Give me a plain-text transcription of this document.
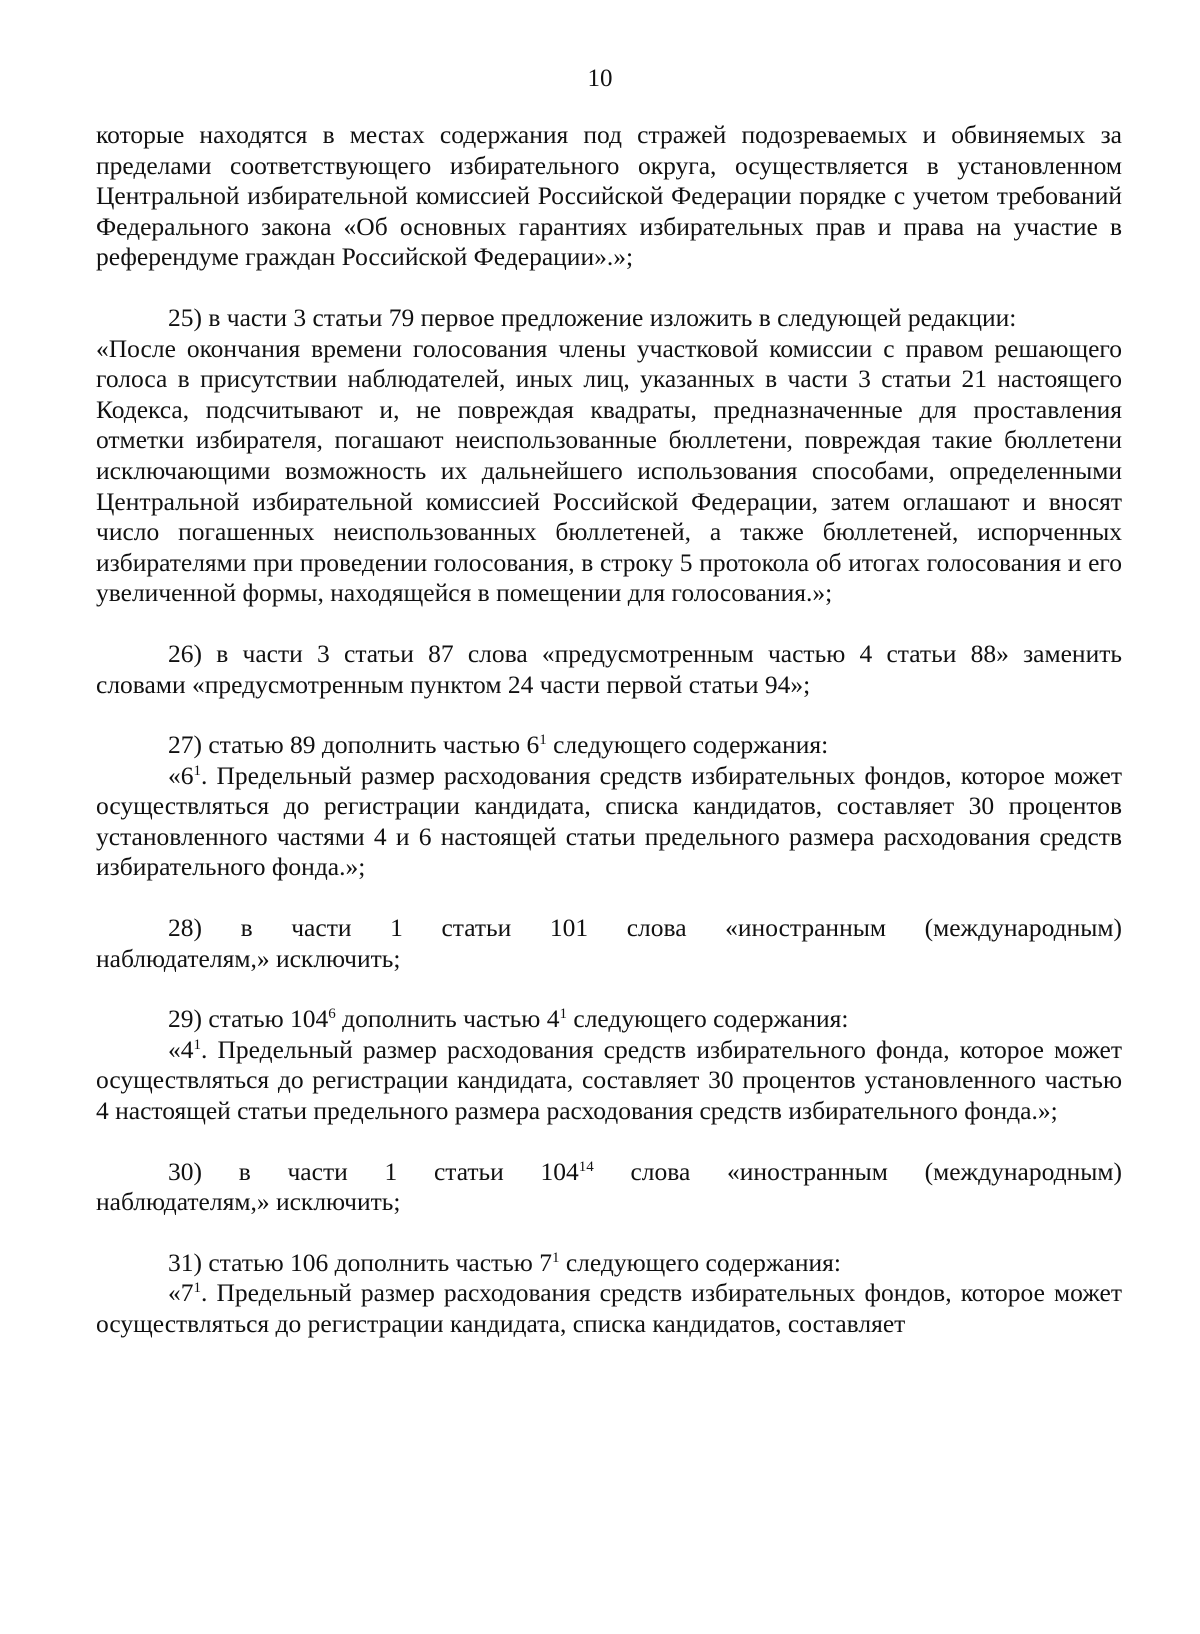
10

которые находятся в местах содержания под стражей подозреваемых и обвиняемых за пределами соответствующего избирательного округа, осуществляется в установленном Центральной избирательной комиссией Российской Федерации порядке с учетом требований Федерального закона «Об основных гарантиях избирательных прав и права на участие в референдуме граждан Российской Федерации».»;

25) в части 3 статьи 79 первое предложение изложить в следующей редакции:

«После окончания времени голосования члены участковой комиссии с правом решающего голоса в присутствии наблюдателей, иных лиц, указанных в части 3 статьи 21 настоящего Кодекса, подсчитывают и, не повреждая квадраты, предназначенные для проставления отметки избирателя, погашают неиспользованные бюллетени, повреждая такие бюллетени исключающими возможность их дальнейшего использования способами, определенными Центральной избирательной комиссией Российской Федерации, затем оглашают и вносят число погашенных неиспользованных бюллетеней, а также бюллетеней, испорченных избирателями при проведении голосования, в строку 5 протокола об итогах голосования и его увеличенной формы, находящейся в помещении для голосования.»;

26) в части 3 статьи 87 слова «предусмотренным частью 4 статьи 88» заменить словами «предусмотренным пунктом 24 части первой статьи 94»;

27) статью 89 дополнить частью $6^1$ следующего содержания:

«$6^1$. Предельный размер расходования средств избирательных фондов, которое может осуществляться до регистрации кандидата, списка кандидатов, составляет 30 процентов установленного частями 4 и 6 настоящей статьи предельного размера расходования средств избирательного фонда.»;

28) в части 1 статьи 101 слова «иностранным (международным)

наблюдателям,» исключить;

29) статью $104^6$ дополнить частью $4^1$ следующего содержания:

«$4^1$. Предельный размер расходования средств избирательного фонда, которое может осуществляться до регистрации кандидата, составляет 30 процентов установленного частью 4 настоящей статьи предельного размера расходования средств избирательного фонда.»;

30) в части 1 статьи $104^{14}$ слова «иностранным (международным)

наблюдателям,» исключить;

31) статью 106 дополнить частью $7^1$ следующего содержания:

«$7^1$. Предельный размер расходования средств избирательных фондов, которое может осуществляться до регистрации кандидата, списка кандидатов, составляет
